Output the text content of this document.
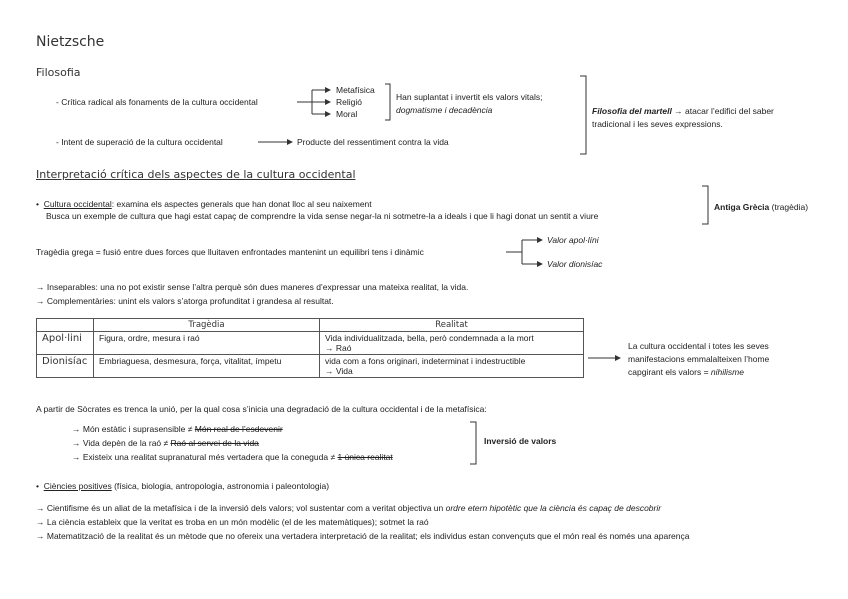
Nietzsche
Filosofia
- Crítica radical als fonaments de la cultura occidental
Metafísica
Religió
Moral
Han suplantat i invertit els valors vitals;
dogmatisme i decadència
- Intent de superació de la cultura occidental	Producte del ressentiment contra la vida
Filosofia del martell → atacar l’edifici del saber
tradicional i les seves expressions.
Interpretació crítica dels aspectes de la cultura occidental
•  Cultura occidental: examina els aspectes generals que han donat lloc al seu naixement
Busca un exemple de cultura que hagi estat capaç de comprendre la vida sense negar-la ni sotmetre-la a ideals i que li hagi donat un sentit a viure
Antiga Grècia (tragèdia)
Tragèdia grega = fusió entre dues forces que lluitaven enfrontades mantenint un equilibri tens i dinàmic
Valor apol·líni
Valor dionisíac
→ Inseparables: una no pot existir sense l’altra perquè són dues maneres d’expressar una mateixa realitat, la vida.
→ Complementàries: unint els valors s’atorga profunditat i grandesa al resultat.
	Tragèdia	Realitat
Apol·lini	Figura, ordre, mesura i raó	Vida individualitzada, bella, però condemnada a la mort
→ Raó

Dionisíac	Embriaguesa, desmesura, força, vitalitat, ímpetu	vida com a fons originari, indeterminat i indestructible
→ Vida
La cultura occidental i totes les seves
manifestacions emmalalteixen l’home
capgirant els valors = nihilisme
A partir de Sòcrates es trenca la unió, per la qual cosa s’inicia una degradació de la cultura occidental i de la metafísica:
→ Món estàtic i suprasensible ≠ Món real de l’esdevenir
→ Vida depèn de la raó ≠ Raó al servei de la vida
→ Existeix una realitat supranatural més vertadera que la coneguda ≠ 1 única realitat
Inversió de valors
•  Ciències positives (física, biologia, antropologia, astronomia i paleontologia)
→ Cientifisme és un aliat de la metafísica i de la inversió dels valors; vol sustentar com a veritat objectiva un ordre etern hipotètic que la ciència és capaç de descobrir
→ La ciència estableix que la veritat es troba en un món modèlic (el de les matemàtiques); sotmet la raó
→ Matematització de la realitat és un mètode que no ofereix una vertadera interpretació de la realitat; els individus estan convençuts que el món real és només una aparença
